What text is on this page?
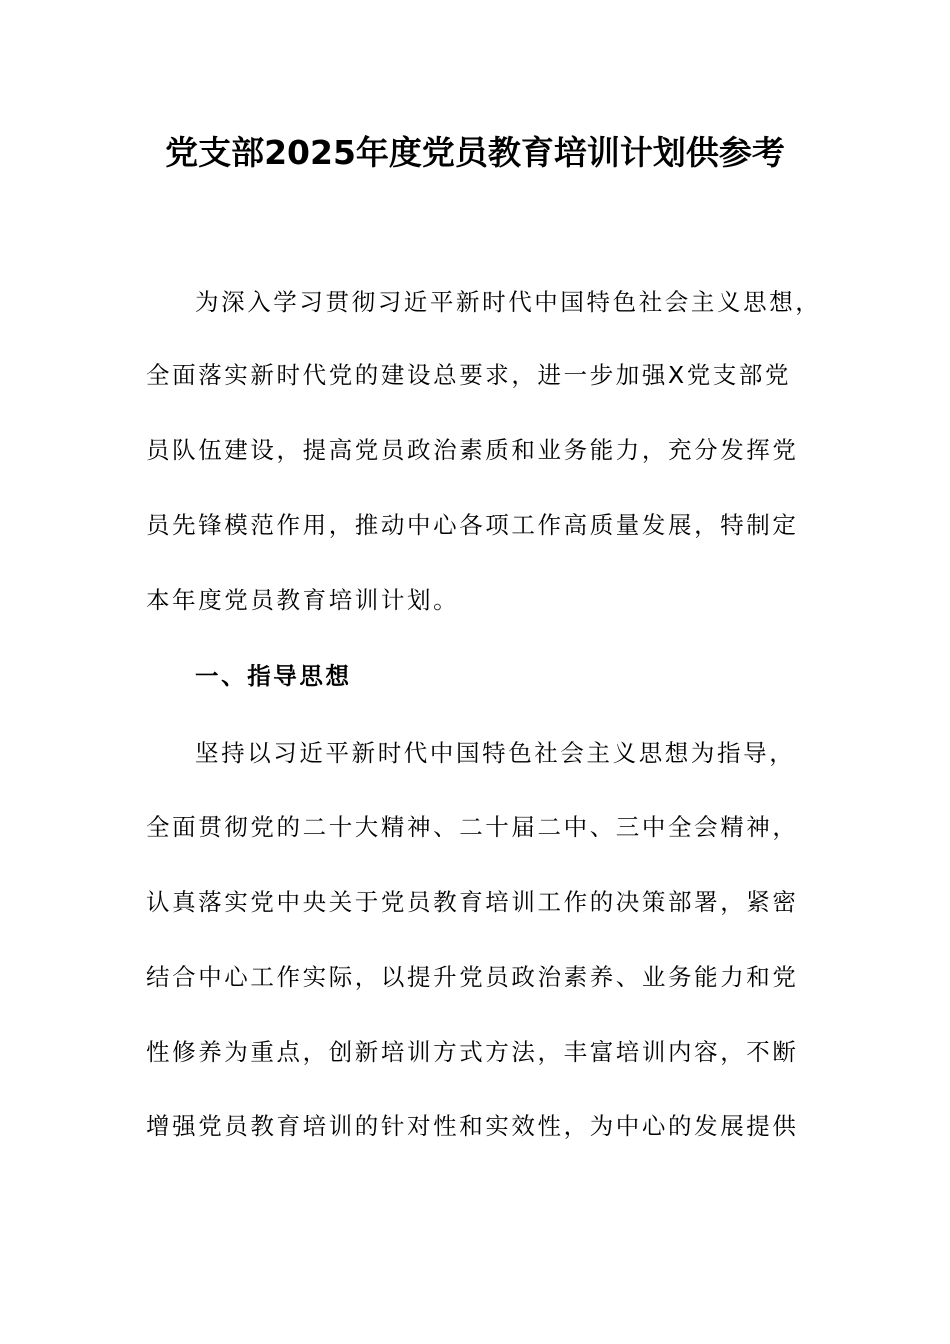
党支部2025年度党员教育培训计划供参考

为深入学习贯彻习近平新时代中国特色社会主义思想，

全面落实新时代党的建设总要求，进一步加强X党支部党

员队伍建设，提高党员政治素质和业务能力，充分发挥党

员先锋模范作用，推动中心各项工作高质量发展，特制定

本年度党员教育培训计划。

一、指导思想

坚持以习近平新时代中国特色社会主义思想为指导，

全面贯彻党的二十大精神、二十届二中、三中全会精神，

认真落实党中央关于党员教育培训工作的决策部署，紧密

结合中心工作实际，以提升党员政治素养、业务能力和党

性修养为重点，创新培训方式方法，丰富培训内容，不断

增强党员教育培训的针对性和实效性，为中心的发展提供
